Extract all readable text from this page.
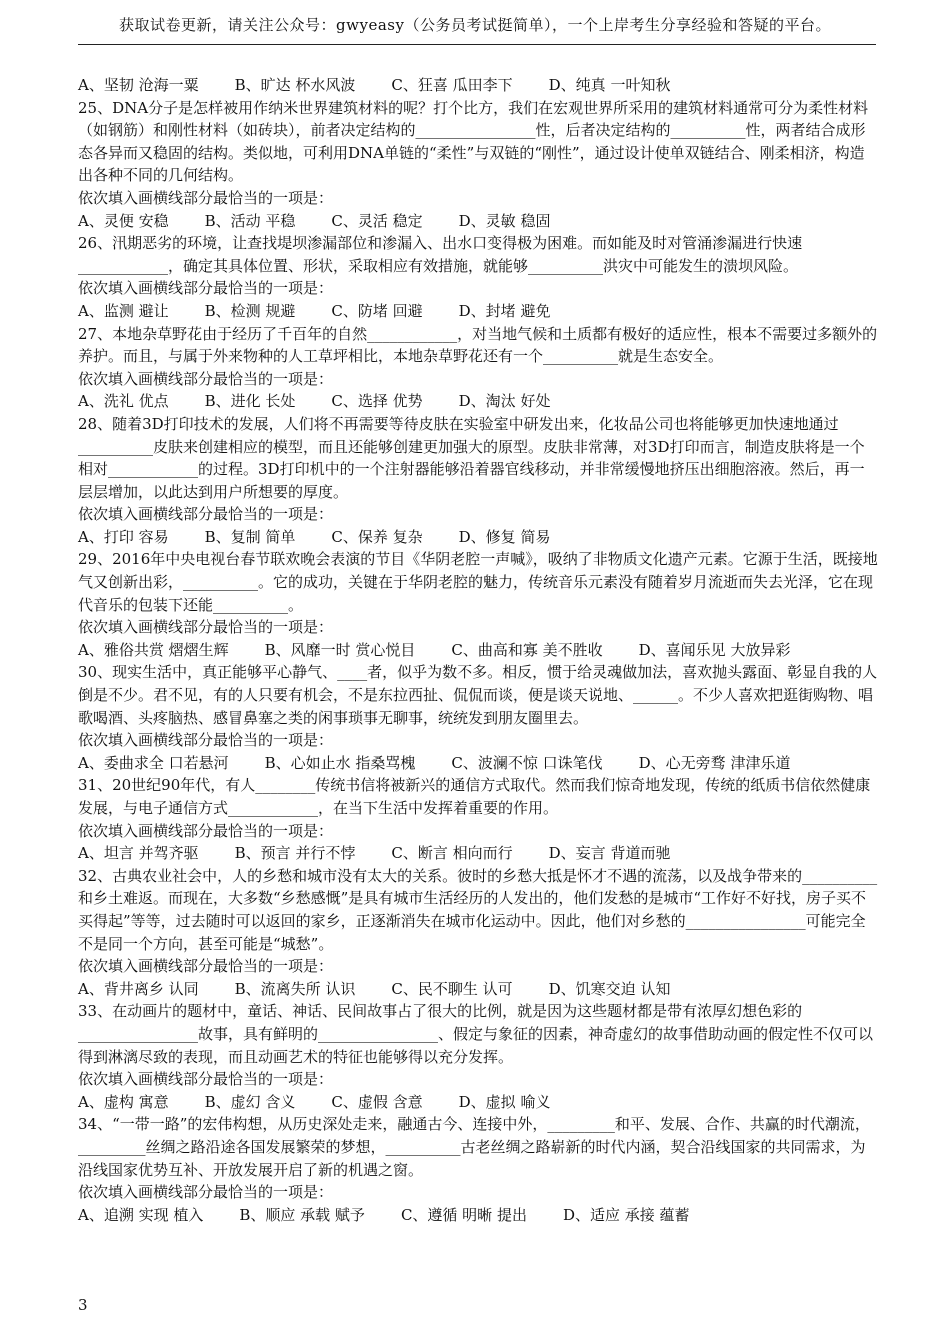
获取试卷更新，请关注公众号：gwyeasy（公务员考试挺简单），一个上岸考生分享经验和答疑的平台。
A、坚韧 沧海一粟 B、旷达 杯水风波 C、狂喜 瓜田李下 D、纯真 一叶知秋

25、DNA分子是怎样被用作纳米世界建筑材料的呢？打个比方，我们在宏观世界所采用的建筑材料通常可分为柔性材料（如钢筋）和刚性材料（如砖块），前者决定结构的________________性，后者决定结构的__________性，两者结合成形态各异而又稳固的结构。类似地，可利用DNA单链的“柔性”与双链的“刚性”，通过设计使单双链结合、刚柔相济，构造出各种不同的几何结构。

依次填入画横线部分最恰当的一项是：

A、灵便 安稳 B、活动 平稳 C、灵活 稳定 D、灵敏 稳固

26、汛期恶劣的环境，让查找堤坝渗漏部位和渗漏入、出水口变得极为困难。而如能及时对管涌渗漏进行快速____________，确定其具体位置、形状，采取相应有效措施，就能够__________洪灾中可能发生的溃坝风险。

依次填入画横线部分最恰当的一项是：

A、监测 避让 B、检测 规避 C、防堵 回避 D、封堵 避免

27、本地杂草野花由于经历了千百年的自然____________，对当地气候和土质都有极好的适应性，根本不需要过多额外的养护。而且，与属于外来物种的人工草坪相比，本地杂草野花还有一个__________就是生态安全。

依次填入画横线部分最恰当的一项是：

A、洗礼 优点 B、进化 长处 C、选择 优势 D、淘汰 好处

28、随着3D打印技术的发展，人们将不再需要等待皮肤在实验室中研发出来，化妆品公司也将能够更加快速地通过__________皮肤来创建相应的模型，而且还能够创建更加强大的原型。皮肤非常薄，对3D打印而言，制造皮肤将是一个相对____________的过程。3D打印机中的一个注射器能够沿着器官线移动，并非常缓慢地挤压出细胞溶液。然后，再一层层增加，以此达到用户所想要的厚度。

依次填入画横线部分最恰当的一项是：

A、打印 容易 B、复制 简单 C、保养 复杂 D、修复 简易

29、2016年中央电视台春节联欢晚会表演的节目《华阴老腔一声喊》，吸纳了非物质文化遗产元素。它源于生活，既接地气又创新出彩，__________。它的成功，关键在于华阴老腔的魅力，传统音乐元素没有随着岁月流逝而失去光泽，它在现代音乐的包装下还能__________。

依次填入画横线部分最恰当的一项是：

A、雅俗共赏 熠熠生辉 B、风靡一时 赏心悦目 C、曲高和寡 美不胜收 D、喜闻乐见 大放异彩

30、现实生活中，真正能够平心静气、____者，似乎为数不多。相反，惯于给灵魂做加法，喜欢抛头露面、彰显自我的人倒是不少。君不见，有的人只要有机会，不是东拉西扯、侃侃而谈，便是谈天说地、______。不少人喜欢把逛街购物、唱歌喝酒、头疼脑热、感冒鼻塞之类的闲事琐事无聊事，统统发到朋友圈里去。

依次填入画横线部分最恰当的一项是：

A、委曲求全 口若悬河 B、心如止水 指桑骂槐 C、波澜不惊 口诛笔伐 D、心无旁骛 津津乐道

31、20世纪90年代，有人________传统书信将被新兴的通信方式取代。然而我们惊奇地发现，传统的纸质书信依然健康发展，与电子通信方式____________，在当下生活中发挥着重要的作用。

依次填入画横线部分最恰当的一项是：

A、坦言 并驾齐驱 B、预言 并行不悖 C、断言 相向而行 D、妄言 背道而驰

32、古典农业社会中，人的乡愁和城市没有太大的关系。彼时的乡愁大抵是怀才不遇的流荡，以及战争带来的__________和乡土难返。而现在，大多数“乡愁感慨”是具有城市生活经历的人发出的，他们发愁的是城市“工作好不好找，房子买不买得起”等等，过去随时可以返回的家乡，正逐渐消失在城市化运动中。因此，他们对乡愁的________________可能完全不是同一个方向，甚至可能是“城愁”。

依次填入画横线部分最恰当的一项是：

A、背井离乡 认同 B、流离失所 认识 C、民不聊生 认可 D、饥寒交迫 认知

33、在动画片的题材中，童话、神话、民间故事占了很大的比例，就是因为这些题材都是带有浓厚幻想色彩的________________故事，具有鲜明的________________、假定与象征的因素，神奇虚幻的故事借助动画的假定性不仅可以得到淋漓尽致的表现，而且动画艺术的特征也能够得以充分发挥。

依次填入画横线部分最恰当的一项是：

A、虚构 寓意 B、虚幻 含义 C、虚假 含意 D、虚拟 喻义

34、“一带一路”的宏伟构想，从历史深处走来，融通古今、连接中外，_________和平、发展、合作、共赢的时代潮流，_________丝绸之路沿途各国发展繁荣的梦想，__________古老丝绸之路崭新的时代内涵，契合沿线国家的共同需求，为沿线国家优势互补、开放发展开启了新的机遇之窗。

依次填入画横线部分最恰当的一项是：

A、追溯 实现 植入 B、顺应 承载 赋予 C、遵循 明晰 提出 D、适应 承接 蕴蓄
3
